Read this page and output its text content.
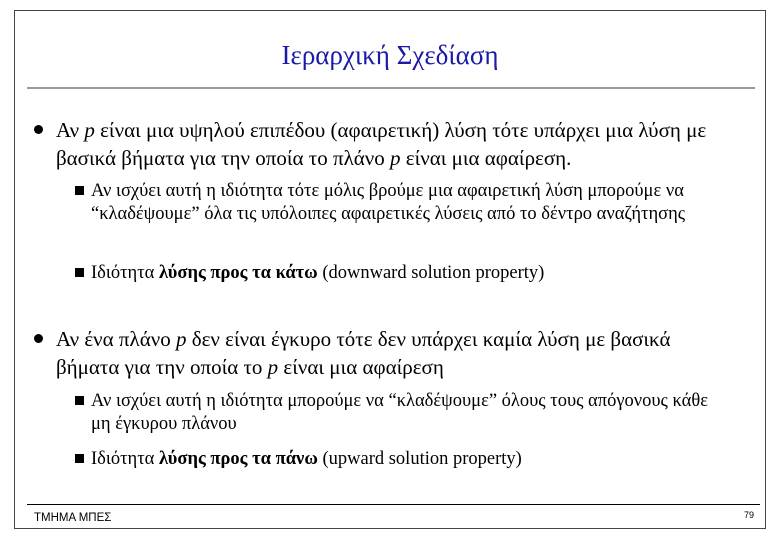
Ιεραρχική Σχεδίαση
Αν p είναι μια υψηλού επιπέδου (αφαιρετική) λύση τότε υπάρχει μια λύση με βασικά βήματα για την οποία το πλάνο p είναι μια αφαίρεση.
Αν ισχύει αυτή η ιδιότητα τότε μόλις βρούμε μια αφαιρετική λύση μπορούμε να “κλαδέψουμε” όλα τις υπόλοιπες αφαιρετικές λύσεις από το δέντρο αναζήτησης
Ιδιότητα λύσης προς τα κάτω (downward solution property)
Αν ένα πλάνο p δεν είναι έγκυρο τότε δεν υπάρχει καμία λύση με βασικά βήματα για την οποία το p είναι μια αφαίρεση
Αν ισχύει αυτή η ιδιότητα μπορούμε να “κλαδέψουμε” όλους τους απόγονους κάθε μη έγκυρου πλάνου
Ιδιότητα λύσης προς τα πάνω (upward solution property)
ΤΜΗΜΑ ΜΠΕΣ	79
